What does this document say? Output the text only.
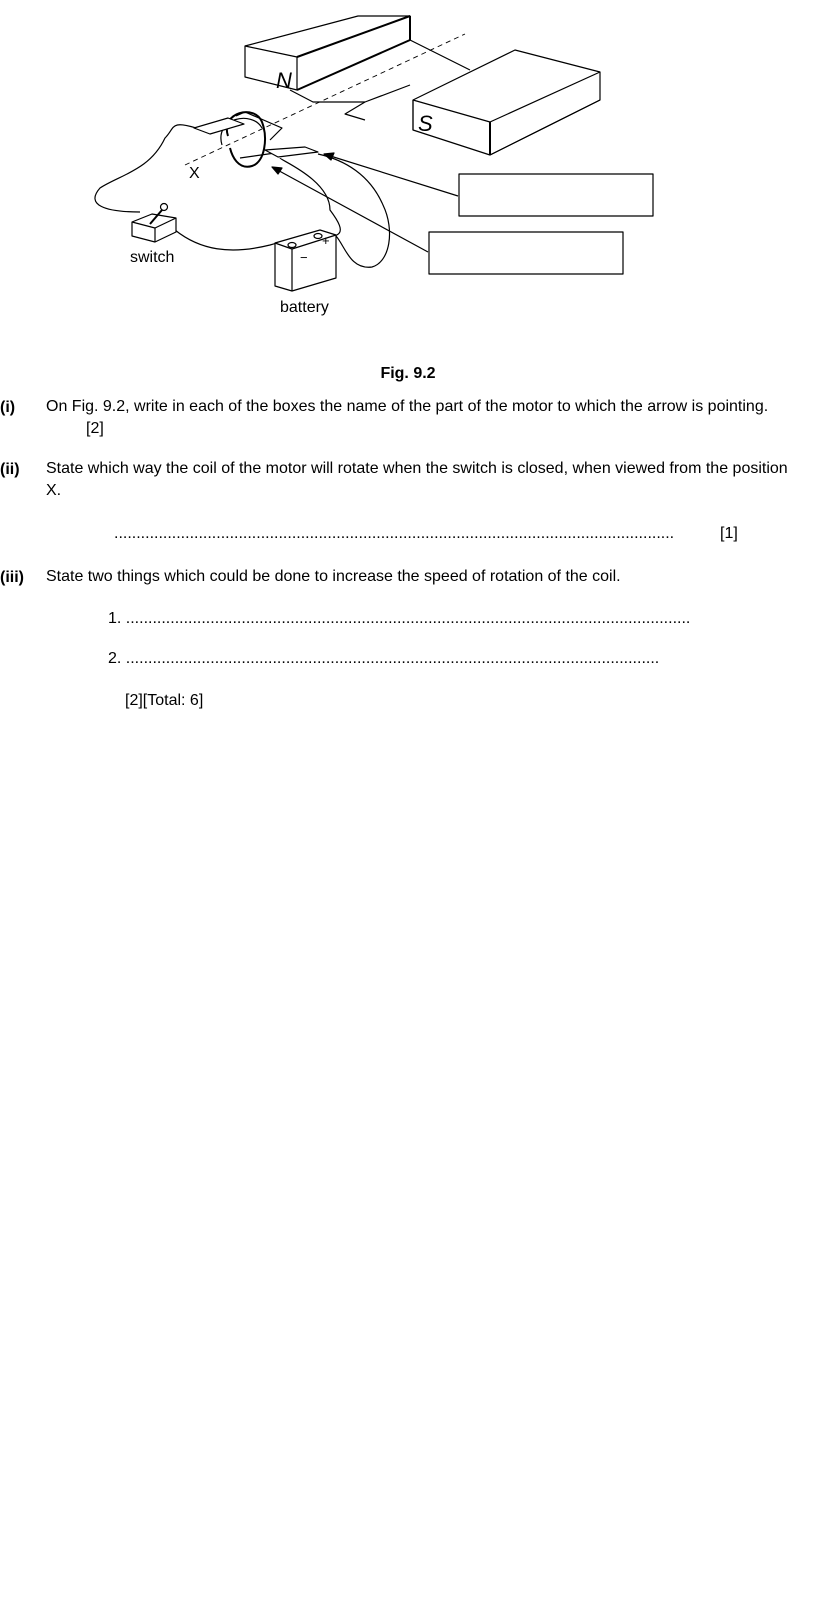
N
S
X
switch
battery
−
+
Fig. 9.2
(i) On Fig. 9.2, write in each of the boxes the name of the part of the motor to which the arrow is pointing. [2]
(ii) State which way the coil of the motor will rotate when the switch is closed, when viewed from the position X.
..............................................................................................................................	[1]
(iii) State two things which could be done to increase the speed of rotation of the coil.
1. ...............................................................................................................................
2. ........................................................................................................................
[2][Total: 6]
